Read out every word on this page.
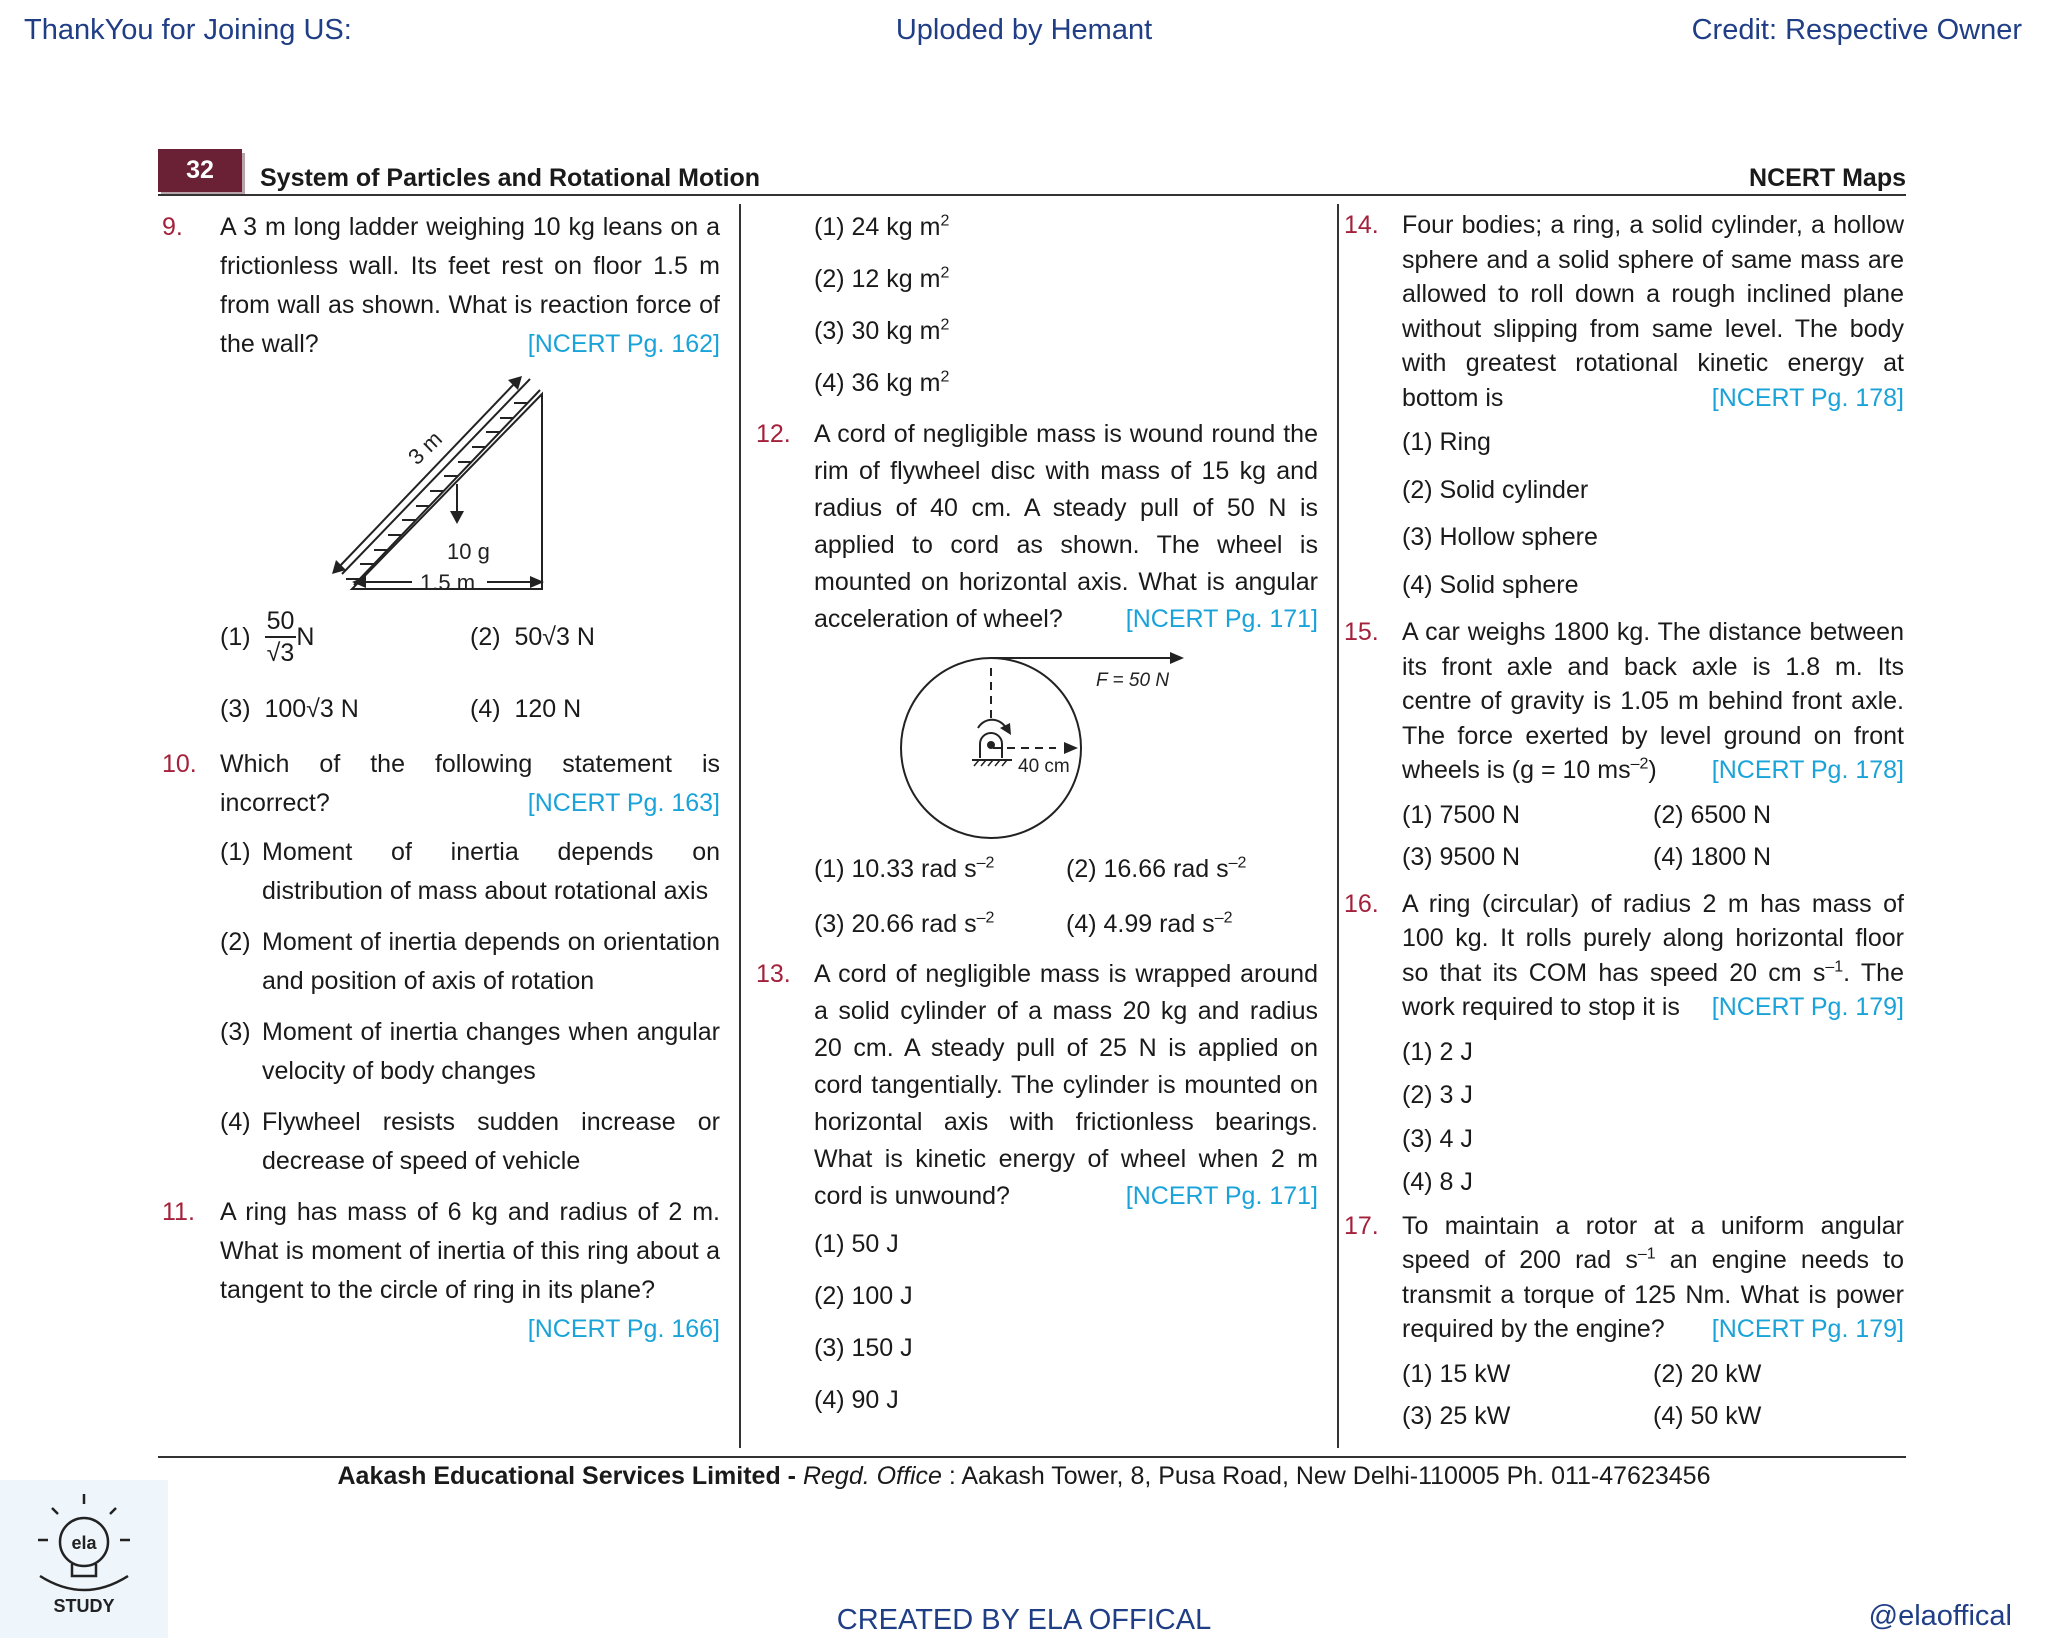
ThankYou for Joining US:	Uploded by Hemant	Credit: Respective Owner
32	System of Particles and Rotational Motion	NCERT Maps
9.	A 3 m long ladder weighing 10 kg leans on a frictionless wall. Its feet rest on floor 1.5 m from wall as shown. What is reaction force of the wall?	[NCERT Pg. 162]
3 m
10 g
1.5 m
$(1) \frac{50}{√3}$ N	(2) 50√3 N
(3) 100√3 N	(4) 120 N
10. Which of the following statement is incorrect?	[NCERT Pg. 163]
(1) Moment of inertia depends on distribution of mass about rotational axis
(2) Moment of inertia depends on orientation and position of axis of rotation
(3) Moment of inertia changes when angular velocity of body changes
(4) Flywheel resists sudden increase or decrease of speed of vehicle
11.	A ring has mass of 6 kg and radius of 2 m. What is moment of inertia of this ring about a tangent to the circle of ring in its plane?
[NCERT Pg. 166]
(1) 24 kg $m^2$
(2) 12 kg $m^2$
(3) 30 kg $m^2$
(4) 36 kg $m^2$
12. A cord of negligible mass is wound round the rim of flywheel disc with mass of 15 kg and radius of 40 cm. A steady pull of 50 N is applied to cord as shown. The wheel is mounted on horizontal axis. What is angular acceleration of wheel?	[NCERT Pg. 171]
F = 50 N
40 cm
(1) 10.33 rad $s^{-2}$	(2) 16.66 rad $s^{-2}$
(3) 20.66 rad $s^{-2}$	(4) 4.99 rad $s^{-2}$
13. A cord of negligible mass is wrapped around a solid cylinder of a mass 20 kg and radius 20 cm. A steady pull of 25 N is applied on cord tangentially. The cylinder is mounted on horizontal axis with frictionless bearings. What is kinetic energy of wheel when 2 m cord is unwound?	[NCERT Pg. 171]
(1) 50 J
(2) 100 J
(3) 150 J
(4) 90 J
14. Four bodies; a ring, a solid cylinder, a hollow sphere and a solid sphere of same mass are allowed to roll down a rough inclined plane without slipping from same level. The body with greatest rotational kinetic energy at bottom is	[NCERT Pg. 178]
(1) Ring
(2) Solid cylinder
(3) Hollow sphere
(4) Solid sphere
15. A car weighs 1800 kg. The distance between its front axle and back axle is 1.8 m. Its centre of gravity is 1.05 m behind front axle. The force exerted by level ground on front wheels is (g = 10 $ms^{-2}$) [NCERT Pg. 178]
(1) 7500 N	(2) 6500 N
(3) 9500 N	(4) 1800 N
16. A ring (circular) of radius 2 m has mass of 100 kg. It rolls purely along horizontal floor so that its COM has speed 20 cm $s^{-1}$. The work required to stop it is [NCERT Pg. 179]
(1) 2 J
(2) 3 J
(3) 4 J
(4) 8 J
17. To maintain a rotor at a uniform angular speed of 200 rad $s^{-1}$ an engine needs to transmit a torque of 125 Nm. What is power required by the engine? [NCERT Pg. 179]
(1) 15 kW	(2) 20 kW
(3) 25 kW	(4) 50 kW
Aakash Educational Services Limited - Regd. Office : Aakash Tower, 8, Pusa Road, New Delhi-110005 Ph. 011-47623456
ela
STUDY	CREATED BY ELA OFFICAL	@elaoffical
